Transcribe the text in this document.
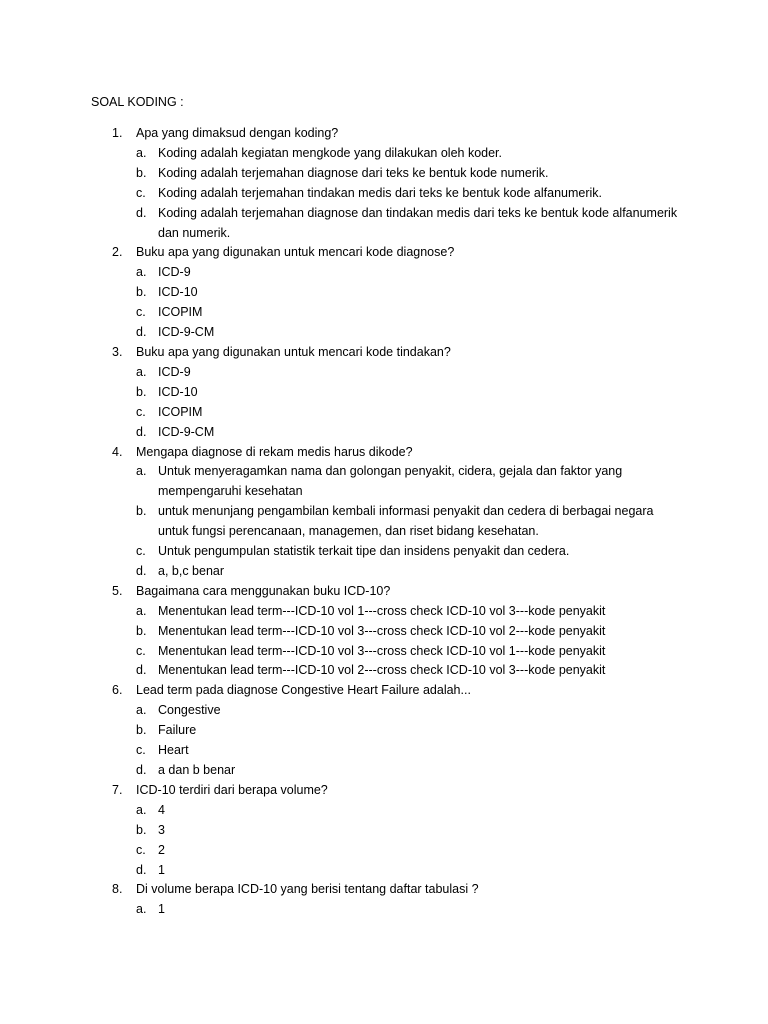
SOAL KODING :
1. Apa yang dimaksud dengan koding?
a. Koding adalah kegiatan mengkode yang dilakukan oleh koder.
b. Koding adalah terjemahan diagnose dari teks ke bentuk kode numerik.
c. Koding adalah terjemahan tindakan medis dari teks ke bentuk kode alfanumerik.
d. Koding adalah terjemahan diagnose dan tindakan medis dari teks ke bentuk kode alfanumerik dan numerik.
2. Buku apa yang digunakan untuk mencari kode diagnose?
a. ICD-9
b. ICD-10
c. ICOPIM
d. ICD-9-CM
3. Buku apa yang digunakan untuk mencari kode tindakan?
a. ICD-9
b. ICD-10
c. ICOPIM
d. ICD-9-CM
4. Mengapa diagnose di rekam medis harus dikode?
a. Untuk menyeragamkan nama dan golongan penyakit, cidera, gejala dan faktor yang mempengaruhi kesehatan
b. untuk menunjang pengambilan kembali informasi penyakit dan cedera di berbagai negara untuk fungsi perencanaan, managemen, dan riset bidang kesehatan.
c. Untuk pengumpulan statistik terkait tipe dan insidens penyakit dan cedera.
d. a, b,c benar
5. Bagaimana cara menggunakan buku ICD-10?
a. Menentukan lead term---ICD-10 vol 1---cross check ICD-10 vol 3---kode penyakit
b. Menentukan lead term---ICD-10 vol 3---cross check ICD-10 vol 2---kode penyakit
c. Menentukan lead term---ICD-10 vol 3---cross check ICD-10 vol 1---kode penyakit
d. Menentukan lead term---ICD-10 vol 2---cross check ICD-10 vol 3---kode penyakit
6. Lead term pada diagnose Congestive Heart Failure adalah...
a. Congestive
b. Failure
c. Heart
d. a dan b benar
7. ICD-10 terdiri dari berapa volume?
a. 4
b. 3
c. 2
d. 1
8. Di volume berapa ICD-10 yang berisi tentang daftar tabulasi ?
a. 1
